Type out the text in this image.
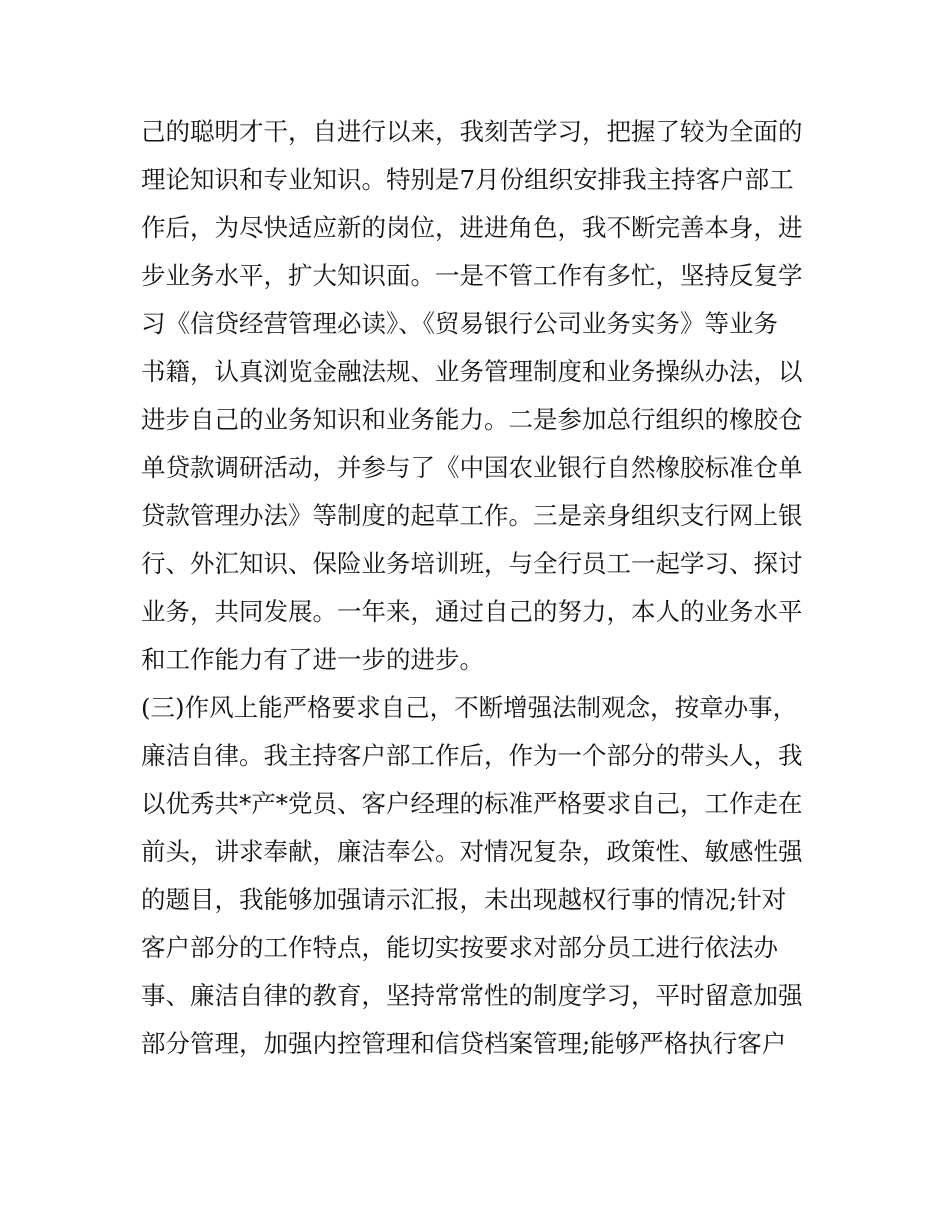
己的聪明才干，自进行以来，我刻苦学习，把握了较为全面的

理论知识和专业知识。特别是7月份组织安排我主持客户部工

作后，为尽快适应新的岗位，进进角色，我不断完善本身，进

步业务水平，扩大知识面。一是不管工作有多忙，坚持反复学

习《信贷经营管理必读》、《贸易银行公司业务实务》等业务

书籍，认真浏览金融法规、业务管理制度和业务操纵办法，以

进步自己的业务知识和业务能力。二是参加总行组织的橡胶仓

单贷款调研活动，并参与了《中国农业银行自然橡胶标准仓单

贷款管理办法》等制度的起草工作。三是亲身组织支行网上银

行、外汇知识、保险业务培训班，与全行员工一起学习、探讨

业务，共同发展。一年来，通过自己的努力，本人的业务水平

和工作能力有了进一步的进步。

(三)作风上能严格要求自己，不断增强法制观念，按章办事，

廉洁自律。我主持客户部工作后，作为一个部分的带头人，我

以优秀共*产*党员、客户经理的标准严格要求自己，工作走在

前头，讲求奉献，廉洁奉公。对情况复杂，政策性、敏感性强

的题目，我能够加强请示汇报，未出现越权行事的情况;针对

客户部分的工作特点，能切实按要求对部分员工进行依法办

事、廉洁自律的教育，坚持常常性的制度学习，平时留意加强

部分管理，加强内控管理和信贷档案管理;能够严格执行客户
